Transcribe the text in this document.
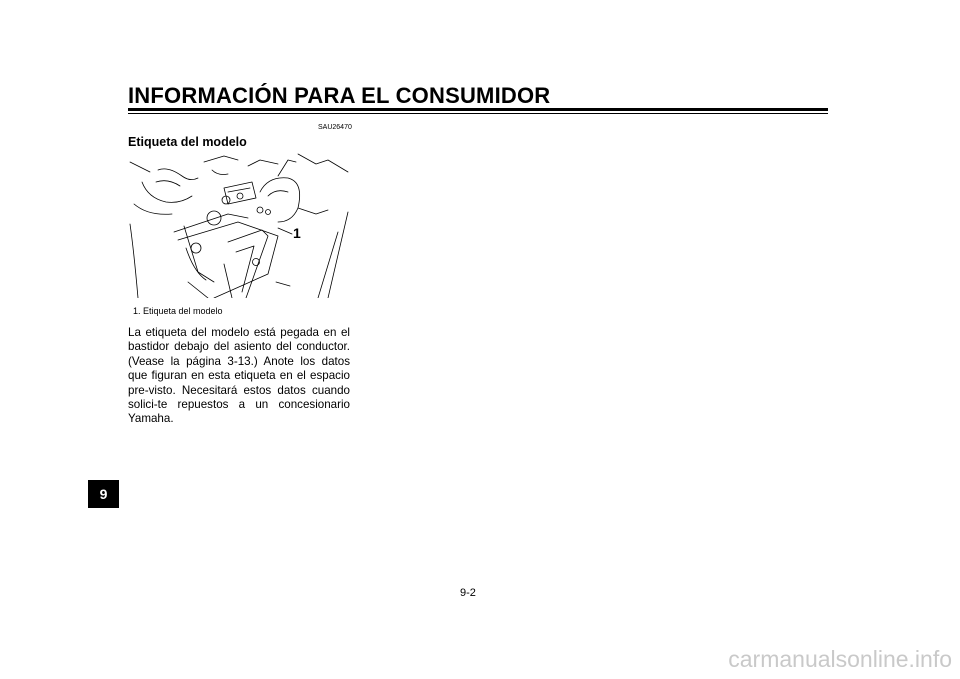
INFORMACIÓN PARA EL CONSUMIDOR
SAU26470
Etiqueta del modelo
1
1. Etiqueta del modelo

La etiqueta del modelo está pegada en el bastidor debajo del asiento del conductor. (Vease la página 3-13.) Anote los datos que figuran en esta etiqueta en el espacio pre-visto. Necesitará estos datos cuando solici-te repuestos a un concesionario Yamaha.

9
9-2
carmanualsonline.info
